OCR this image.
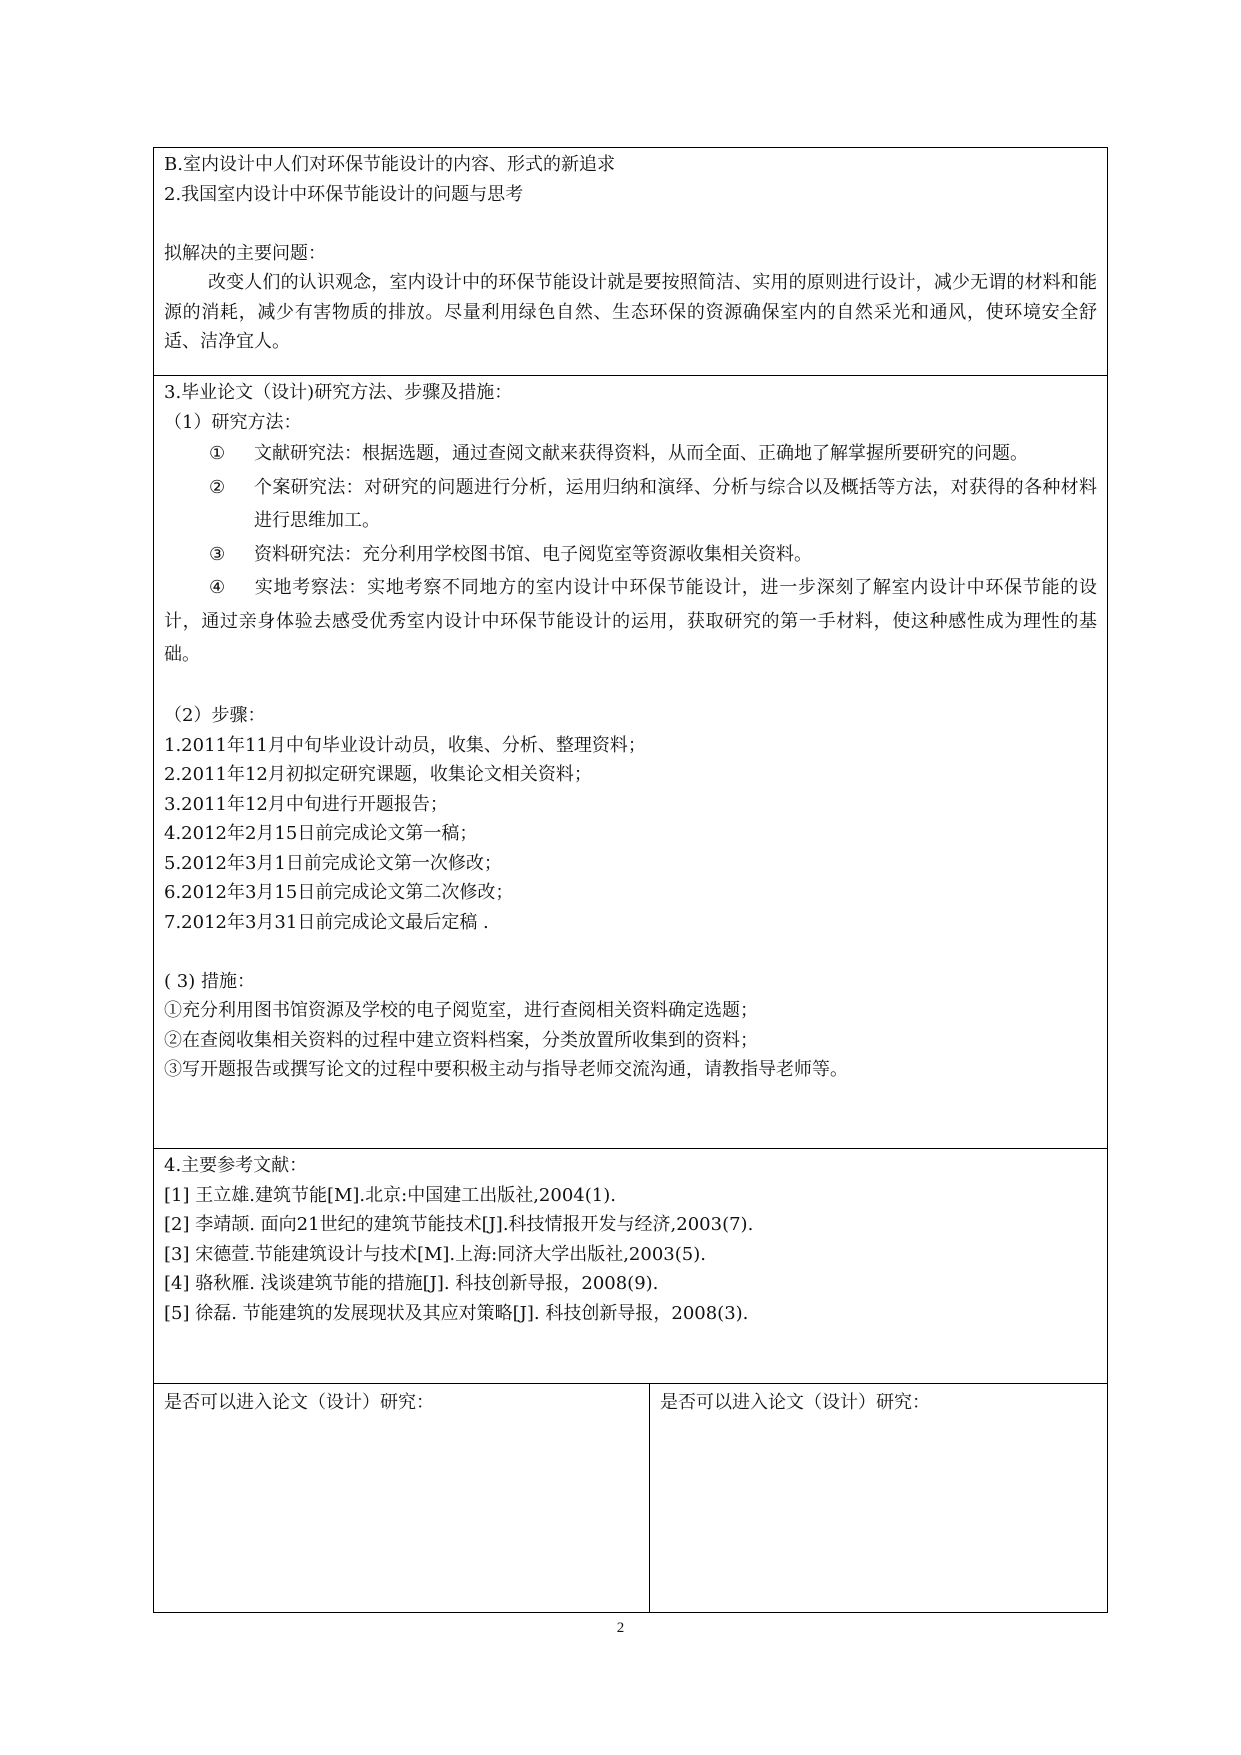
B.室内设计中人们对环保节能设计的内容、形式的新追求
2.我国室内设计中环保节能设计的问题与思考
拟解决的主要问题：
改变人们的认识观念，室内设计中的环保节能设计就是要按照简洁、实用的原则进行设计，减少无谓的材料和能源的消耗，减少有害物质的排放。尽量利用绿色自然、生态环保的资源确保室内的自然采光和通风，使环境安全舒适、洁净宜人。
3.毕业论文（设计)研究方法、步骤及措施：
（1）研究方法：
①	文献研究法：根据选题，通过查阅文献来获得资料，从而全面、正确地了解掌握所要研究的问题。
②	个案研究法：对研究的问题进行分析，运用归纳和演绎、分析与综合以及概括等方法，对获得的各种材料进行思维加工。
③	资料研究法：充分利用学校图书馆、电子阅览室等资源收集相关资料。
④ 实地考察法：实地考察不同地方的室内设计中环保节能设计，进一步深刻了解室内设计中环保节能的设计，通过亲身体验去感受优秀室内设计中环保节能设计的运用，获取研究的第一手材料，使这种感性成为理性的基础。
（2）步骤：
1.2011年11月中旬毕业设计动员，收集、分析、整理资料；
2.2011年12月初拟定研究课题，收集论文相关资料；
3.2011年12月中旬进行开题报告；
4.2012年2月15日前完成论文第一稿；
5.2012年3月1日前完成论文第一次修改；
6.2012年3月15日前完成论文第二次修改；
7.2012年3月31日前完成论文最后定稿 .
( 3) 措施：
①充分利用图书馆资源及学校的电子阅览室，进行查阅相关资料确定选题；
②在查阅收集相关资料的过程中建立资料档案，分类放置所收集到的资料；
③写开题报告或撰写论文的过程中要积极主动与指导老师交流沟通，请教指导老师等。
4.主要参考文献：
[1] 王立雄.建筑节能[M].北京:中国建工出版社,2004(1).
[2] 李靖颉. 面向21世纪的建筑节能技术[J].科技情报开发与经济,2003(7).
[3] 宋德萱.节能建筑设计与技术[M].上海:同济大学出版社,2003(5).
[4] 骆秋雁. 浅谈建筑节能的措施[J]. 科技创新导报，2008(9).
[5] 徐磊. 节能建筑的发展现状及其应对策略[J]. 科技创新导报，2008(3).
是否可以进入论文（设计）研究：	是否可以进入论文（设计）研究：
2
